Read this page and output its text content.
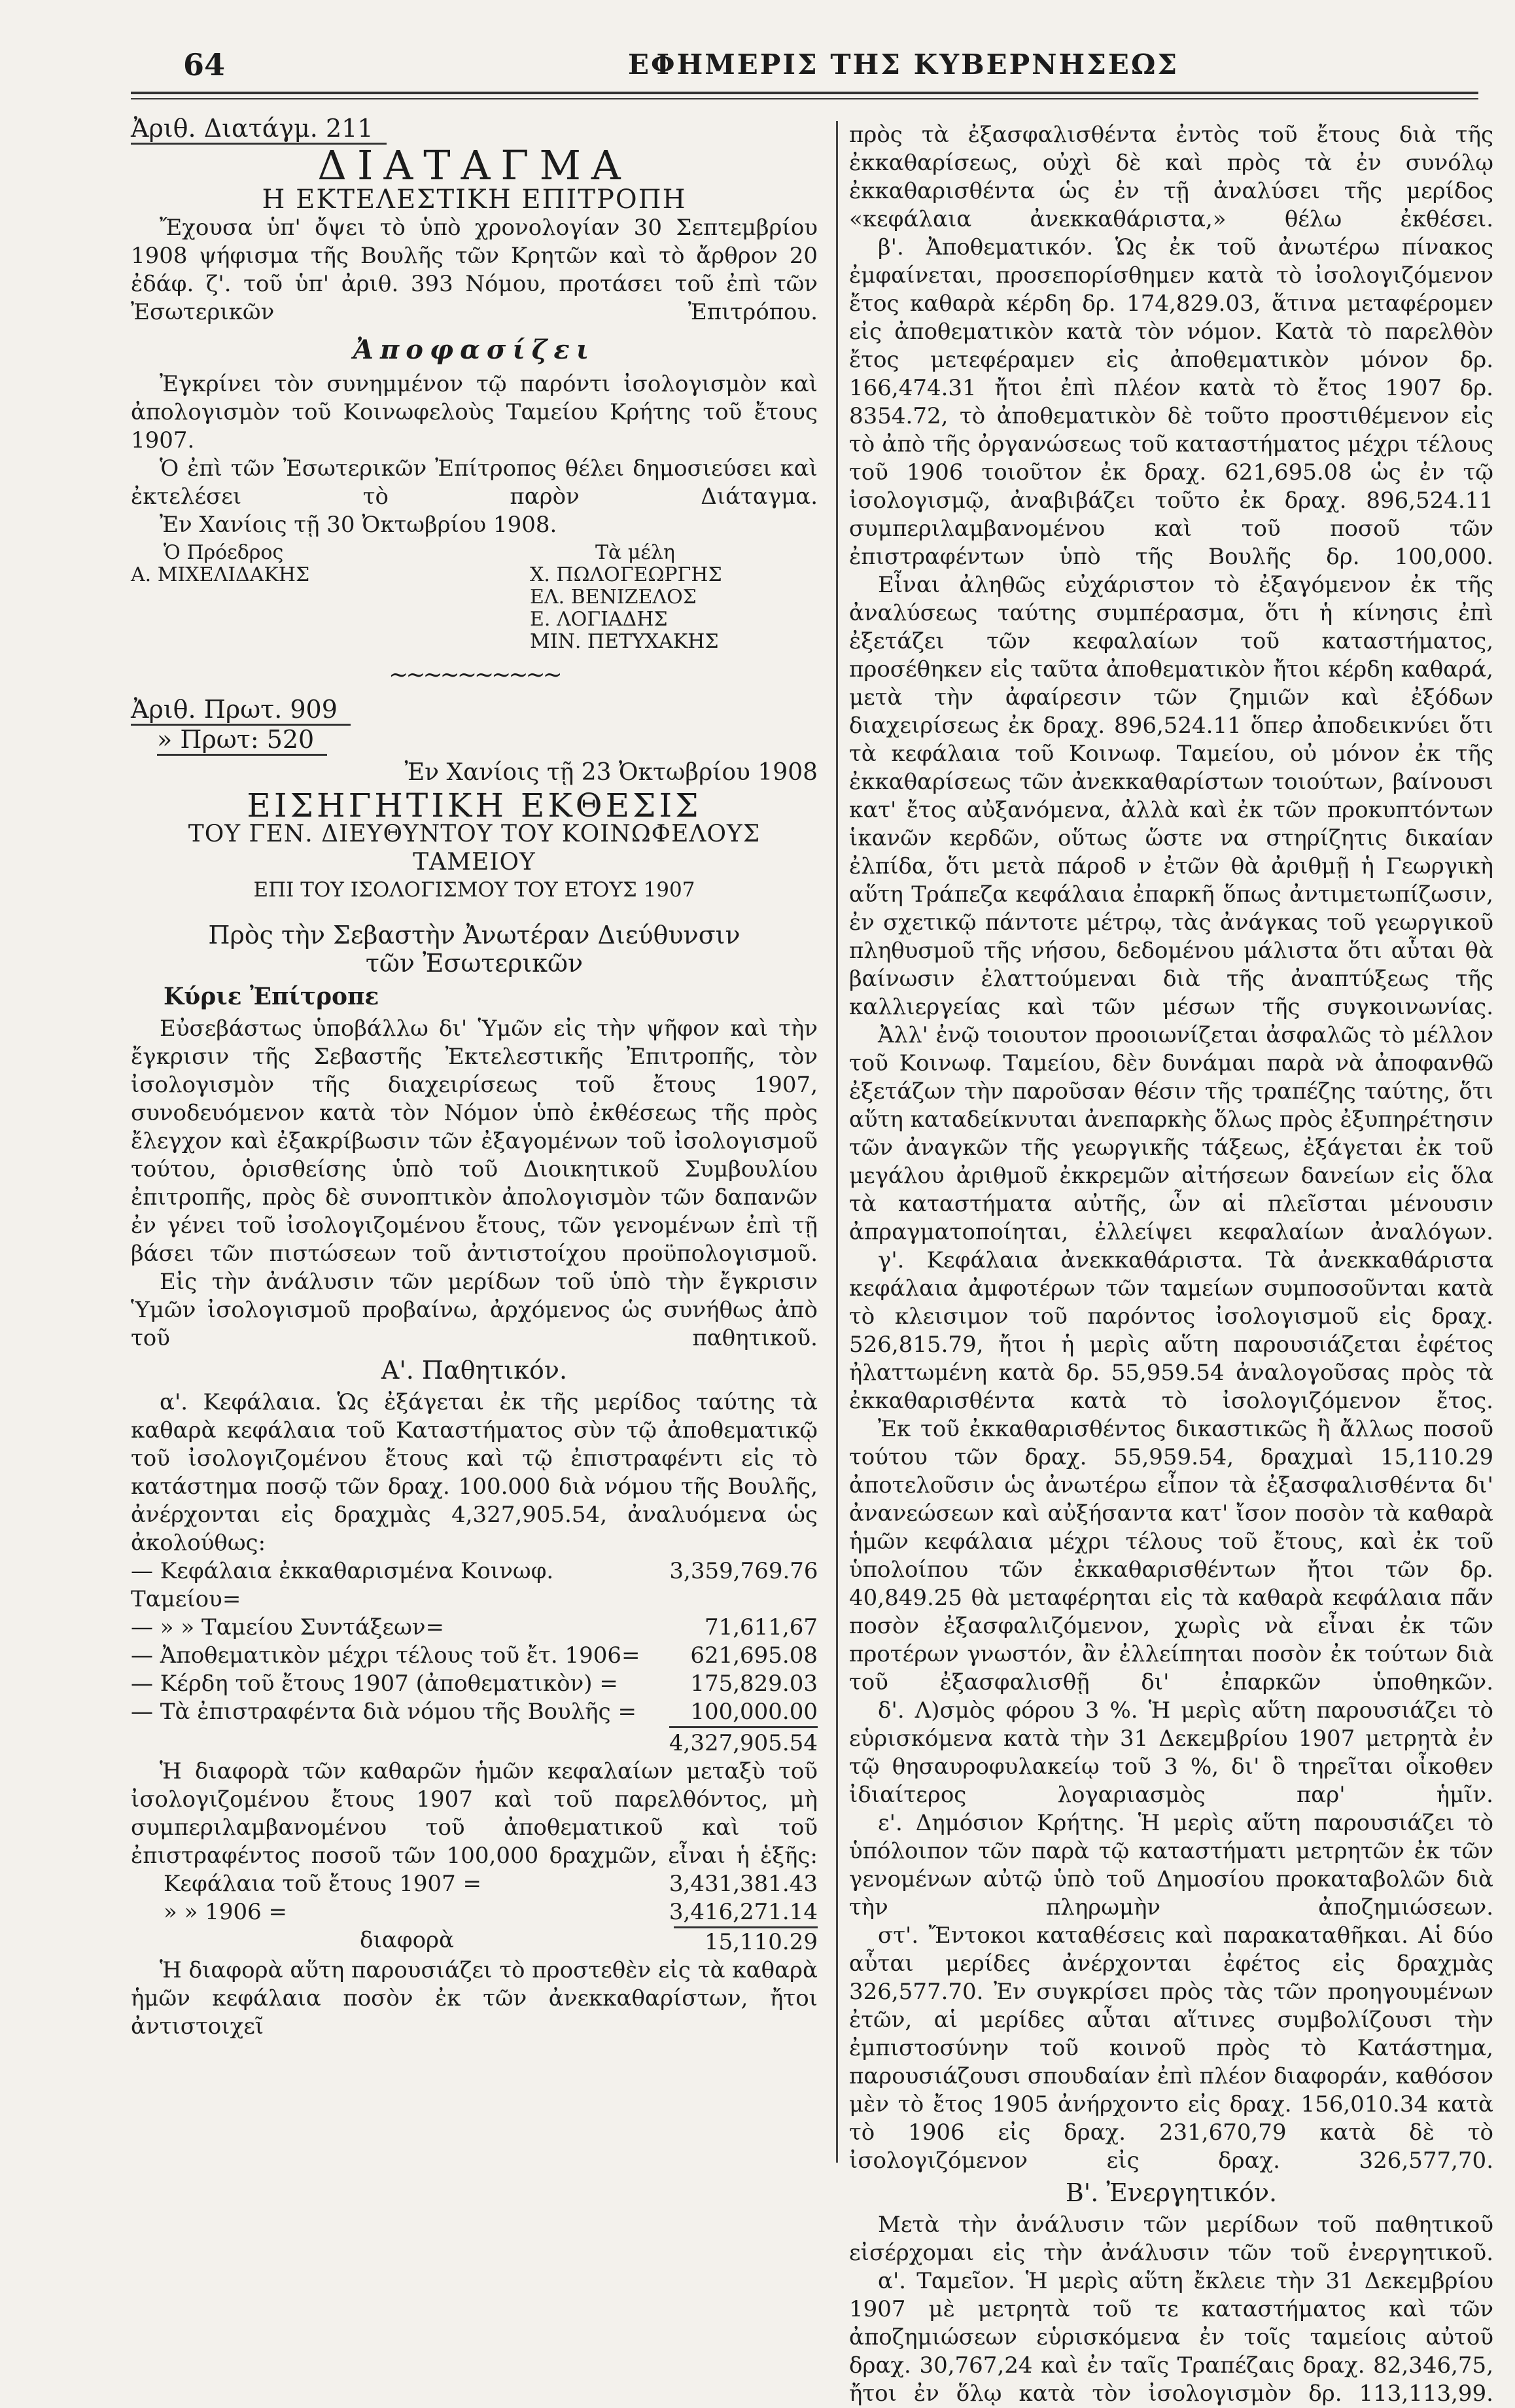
64	ΕΦΗΜΕΡΙΣ ΤΗΣ ΚΥΒΕΡΝΗΣΕΩΣ
Ἀριθ. Διατάγμ. 211

ΔΙΑΤΑΓΜΑ

Η ΕΚΤΕΛΕΣΤΙΚΗ ΕΠΙΤΡΟΠΗ

Ἔχουσα ὑπ' ὄψει τὸ ὑπὸ χρονολογίαν 30 Σεπτεμβρίου 1908 ψήφισμα τῆς Βουλῆς τῶν Κρητῶν καὶ τὸ ἄρθρον 20 ἐδάφ. ζ'. τοῦ ὑπ' ἀριθ. 393 Νόμου, προτάσει τοῦ ἐπὶ τῶν Ἐσωτερικῶν Ἐπιτρόπου.

Ἀποφασίζει

Ἐγκρίνει τὸν συνημμένον τῷ παρόντι ἰσολογισμὸν καὶ ἀπολογισμὸν τοῦ Κοινωφελοὺς Ταμείου Κρήτης τοῦ ἔτους 1907.

Ὁ ἐπὶ τῶν Ἐσωτερικῶν Ἐπίτροπος θέλει δημοσιεύσει καὶ ἐκτελέσει τὸ παρὸν Διάταγμα.

Ἐν Χανίοις τῇ 30 Ὀκτωβρίου 1908.

Ὁ Πρόεδρος
Α. ΜΙΧΕΛΙΔΑΚΗΣ
Τὰ μέλη
Χ. ΠΩΛΟΓΕΩΡΓΗΣ
ΕΛ. ΒΕΝΙΖΕΛΟΣ
Ε. ΛΟΓΙΑΔΗΣ
ΜΙΝ. ΠΕΤΥΧΑΚΗΣ

~~~~~~~~~~

Ἀριθ. Πρωτ. 909
» Πρωτ: 520

Ἐν Χανίοις τῇ 23 Ὀκτωβρίου 1908

ΕΙΣΗΓΗΤΙΚΗ ΕΚΘΕΣΙΣ

ΤΟΥ ΓΕΝ. ΔΙΕΥΘΥΝΤΟΥ ΤΟΥ ΚΟΙΝΩΦΕΛΟΥΣ ΤΑΜΕΙΟΥ

ΕΠΙ ΤΟΥ ΙΣΟΛΟΓΙΣΜΟΥ ΤΟΥ ΕΤΟΥΣ 1907

Πρὸς τὴν Σεβαστὴν Ἀνωτέραν Διεύθυνσιν

τῶν Ἐσωτερικῶν

Κύριε Ἐπίτροπε

Εὐσεβάστως ὑποβάλλω δι' Ὑμῶν εἰς τὴν ψῆφον καὶ τὴν ἔγκρισιν τῆς Σεβαστῆς Ἐκτελεστικῆς Ἐπιτροπῆς, τὸν ἰσολογισμὸν τῆς διαχειρίσεως τοῦ ἔτους 1907, συνοδευόμενον κατὰ τὸν Νόμον ὑπὸ ἐκθέσεως τῆς πρὸς ἔλεγχον καὶ ἐξακρίβωσιν τῶν ἐξαγομένων τοῦ ἰσολογισμοῦ τούτου, ὁρισθείσης ὑπὸ τοῦ Διοικητικοῦ Συμβουλίου ἐπιτροπῆς, πρὸς δὲ συνοπτικὸν ἀπολογισμὸν τῶν δαπανῶν ἐν γένει τοῦ ἰσολογιζομένου ἔτους, τῶν γενομένων ἐπὶ τῇ βάσει τῶν πιστώσεων τοῦ ἀντιστοίχου προϋπολογισμοῦ.

Εἰς τὴν ἀνάλυσιν τῶν μερίδων τοῦ ὑπὸ τὴν ἔγκρισιν Ὑμῶν ἰσολογισμοῦ προβαίνω, ἀρχόμενος ὡς συνήθως ἀπὸ τοῦ παθητικοῦ.

Α'. Παθητικόν.

α'. Κεφάλαια. Ὡς ἐξάγεται ἐκ τῆς μερίδος ταύτης τὰ καθαρὰ κεφάλαια τοῦ Καταστήματος σὺν τῷ ἀποθεματικῷ τοῦ ἰσολογιζομένου ἔτους καὶ τῷ ἐπιστραφέντι εἰς τὸ κατάστημα ποσῷ τῶν δραχ. 100.000 διὰ νόμου τῆς Βουλῆς, ἀνέρχονται εἰς δραχμὰς 4,327,905.54, ἀναλυόμενα ὡς ἀκολούθως:

— Κεφάλαια ἐκκαθαρισμένα Κοινωφ. Ταμείου=
3,359,769.76
— » » Ταμείου Συντάξεων=	71,611,67
— Ἀποθεματικὸν μέχρι τέλους τοῦ ἔτ. 1906=	621,695.08
— Κέρδη τοῦ ἔτους 1907 (ἀποθεματικὸν) =	175,829.03
— Τὰ ἐπιστραφέντα διὰ νόμου τῆς Βουλῆς =	100,000.00
4,327,905.54

Ἡ διαφορὰ τῶν καθαρῶν ἡμῶν κεφαλαίων μεταξὺ τοῦ ἰσολογιζομένου ἔτους 1907 καὶ τοῦ παρελθόντος, μὴ συμπεριλαμβανομένου τοῦ ἀποθεματικοῦ καὶ τοῦ ἐπιστραφέντος ποσοῦ τῶν 100,000 δραχμῶν, εἶναι ἡ ἑξῆς:

Κεφάλαια τοῦ ἔτους 1907 =	3,431,381.43
» » 1906 =	3,416,271.14
διαφορὰ	15,110.29

Ἡ διαφορὰ αὕτη παρουσιάζει τὸ προστεθὲν εἰς τὰ καθαρὰ ἡμῶν κεφάλαια ποσὸν ἐκ τῶν ἀνεκκαθαρίστων, ἤτοι ἀντιστοιχεῖ

πρὸς τὰ ἐξασφαλισθέντα ἐντὸς τοῦ ἔτους διὰ τῆς ἐκκαθαρίσεως, οὐχὶ δὲ καὶ πρὸς τὰ ἐν συνόλῳ ἐκκαθαρισθέντα ὡς ἐν τῇ ἀναλύσει τῆς μερίδος «κεφάλαια ἀνεκκαθάριστα,» θέλω ἐκθέσει.

β'. Ἀποθεματικόν. Ὡς ἐκ τοῦ ἀνωτέρω πίνακος ἐμφαίνεται, προσεπορίσθημεν κατὰ τὸ ἰσολογιζόμενον ἔτος καθαρὰ κέρδη δρ. 174,829.03, ἅτινα μεταφέρομεν εἰς ἀποθεματικὸν κατὰ τὸν νόμον. Κατὰ τὸ παρελθὸν ἔτος μετεφέραμεν εἰς ἀποθεματικὸν μόνον δρ. 166,474.31 ἤτοι ἐπὶ πλέον κατὰ τὸ ἔτος 1907 δρ. 8354.72, τὸ ἀποθεματικὸν δὲ τοῦτο προστιθέμενον εἰς τὸ ἀπὸ τῆς ὀργανώσεως τοῦ καταστήματος μέχρι τέλους τοῦ 1906 τοιοῦτον ἐκ δραχ. 621,695.08 ὡς ἐν τῷ ἰσολογισμῷ, ἀναβιβάζει τοῦτο ἐκ δραχ. 896,524.11 συμπεριλαμβανομένου καὶ τοῦ ποσοῦ τῶν ἐπιστραφέντων ὑπὸ τῆς Βουλῆς δρ. 100,000.

Εἶναι ἀληθῶς εὐχάριστον τὸ ἐξαγόμενον ἐκ τῆς ἀναλύσεως ταύτης συμπέρασμα, ὅτι ἡ κίνησις ἐπὶ ἐξετάζει τῶν κεφαλαίων τοῦ καταστήματος, προσέθηκεν εἰς ταῦτα ἀποθεματικὸν ἤτοι κέρδη καθαρά, μετὰ τὴν ἀφαίρεσιν τῶν ζημιῶν καὶ ἐξόδων διαχειρίσεως ἐκ δραχ. 896,524.11 ὅπερ ἀποδεικνύει ὅτι τὰ κεφάλαια τοῦ Κοινωφ. Ταμείου, οὐ μόνον ἐκ τῆς ἐκκαθαρίσεως τῶν ἀνεκκαθαρίστων τοιούτων, βαίνουσι κατ' ἔτος αὐξανόμενα, ἀλλὰ καὶ ἐκ τῶν προκυπτόντων ἱκανῶν κερδῶν, οὕτως ὥστε να στηρίζητις δικαίαν ἐλπίδα, ὅτι μετὰ πάροδ ν ἐτῶν θὰ ἀριθμῇ ἡ Γεωργικὴ αὕτη Τράπεζα κεφάλαια ἐπαρκῆ ὅπως ἀντιμετωπίζωσιν, ἐν σχετικῷ πάντοτε μέτρῳ, τὰς ἀνάγκας τοῦ γεωργικοῦ πληθυσμοῦ τῆς νήσου, δεδομένου μάλιστα ὅτι αὗται θὰ βαίνωσιν ἐλαττούμεναι διὰ τῆς ἀναπτύξεως τῆς καλλιεργείας καὶ τῶν μέσων τῆς συγκοινωνίας.

Ἀλλ' ἐνῷ τοιουτον προοιωνίζεται ἀσφαλῶς τὸ μέλλον τοῦ Κοινωφ. Ταμείου, δὲν δυνάμαι παρὰ νὰ ἀποφανθῶ ἐξετάζων τὴν παροῦσαν θέσιν τῆς τραπέζης ταύτης, ὅτι αὕτη καταδείκνυται ἀνεπαρκὴς ὅλως πρὸς ἐξυπηρέτησιν τῶν ἀναγκῶν τῆς γεωργικῆς τάξεως, ἐξάγεται ἐκ τοῦ μεγάλου ἀριθμοῦ ἐκκρεμῶν αἰτήσεων δανείων εἰς ὅλα τὰ καταστήματα αὐτῆς, ὧν αἱ πλεῖσται μένουσιν ἀπραγματοποίηται, ἐλλείψει κεφαλαίων ἀναλόγων.

γ'. Κεφάλαια ἀνεκκαθάριστα. Τὰ ἀνεκκαθάριστα κεφάλαια ἀμφοτέρων τῶν ταμείων συμποσοῦνται κατὰ τὸ κλεισιμον τοῦ παρόντος ἰσολογισμοῦ εἰς δραχ. 526,815.79, ἤτοι ἡ μερὶς αὕτη παρουσιάζεται ἐφέτος ἠλαττωμένη κατὰ δρ. 55,959.54 ἀναλογοῦσας πρὸς τὰ ἐκκαθαρισθέντα κατὰ τὸ ἰσολογιζόμενον ἔτος.

Ἐκ τοῦ ἐκκαθαρισθέντος δικαστικῶς ἢ ἄλλως ποσοῦ τούτου τῶν δραχ. 55,959.54, δραχμαὶ 15,110.29 ἀποτελοῦσιν ὡς ἀνωτέρω εἶπον τὰ ἐξασφαλισθέντα δι' ἀνανεώσεων καὶ αὐξήσαντα κατ' ἴσον ποσὸν τὰ καθαρὰ ἡμῶν κεφάλαια μέχρι τέλους τοῦ ἔτους, καὶ ἐκ τοῦ ὑπολοίπου τῶν ἐκκαθαρισθέντων ἤτοι τῶν δρ. 40,849.25 θὰ μεταφέρηται εἰς τὰ καθαρὰ κεφάλαια πᾶν ποσὸν ἐξασφαλιζόμενον, χωρὶς νὰ εἶναι ἐκ τῶν προτέρων γνωστόν, ἂν ἐλλείπηται ποσὸν ἐκ τούτων διὰ τοῦ ἐξασφαλισθῇ δι' ἐπαρκῶν ὑποθηκῶν.

δ'. Λ)σμὸς φόρου 3 %. Ἡ μερὶς αὕτη παρουσιάζει τὸ εὑρισκόμενα κατὰ τὴν 31 Δεκεμβρίου 1907 μετρητὰ ἐν τῷ θησαυροφυλακείῳ τοῦ 3 %, δι' ὃ τηρεῖται οἶκοθεν ἰδιαίτερος λογαριασμὸς παρ' ἡμῖν.

ε'. Δημόσιον Κρήτης. Ἡ μερὶς αὕτη παρουσιάζει τὸ ὑπόλοιπον τῶν παρὰ τῷ καταστήματι μετρητῶν ἐκ τῶν γενομένων αὐτῷ ὑπὸ τοῦ Δημοσίου προκαταβολῶν διὰ τὴν πληρωμὴν ἀποζημιώσεων.

στ'. Ἔντοκοι καταθέσεις καὶ παρακαταθῆκαι. Αἱ δύο αὗται μερίδες ἀνέρχονται ἐφέτος εἰς δραχμὰς 326,577.70. Ἐν συγκρίσει πρὸς τὰς τῶν προηγουμένων ἐτῶν, αἱ μερίδες αὗται αἵτινες συμβολίζουσι τὴν ἐμπιστοσύνην τοῦ κοινοῦ πρὸς τὸ Κατάστημα, παρουσιάζουσι σπουδαίαν ἐπὶ πλέον διαφοράν, καθόσον μὲν τὸ ἔτος 1905 ἀνήρχοντο εἰς δραχ. 156,010.34 κατὰ τὸ 1906 εἰς δραχ. 231,670,79 κατὰ δὲ τὸ ἰσολογιζόμενον εἰς δραχ. 326,577,70.

Β'. Ἐνεργητικόν.

Μετὰ τὴν ἀνάλυσιν τῶν μερίδων τοῦ παθητικοῦ εἰσέρχομαι εἰς τὴν ἀνάλυσιν τῶν τοῦ ἐνεργητικοῦ.

α'. Ταμεῖον. Ἡ μερὶς αὕτη ἔκλειε τὴν 31 Δεκεμβρίου 1907 μὲ μετρητὰ τοῦ τε καταστήματος καὶ τῶν ἀποζημιώσεων εὑρισκόμενα ἐν τοῖς ταμείοις αὐτοῦ δραχ. 30,767,24 καὶ ἐν ταῖς Τραπέζαις δραχ. 82,346,75, ἤτοι ἐν ὅλῳ κατὰ τὸν ἰσολογισμὸν δρ. 113,113,99.
